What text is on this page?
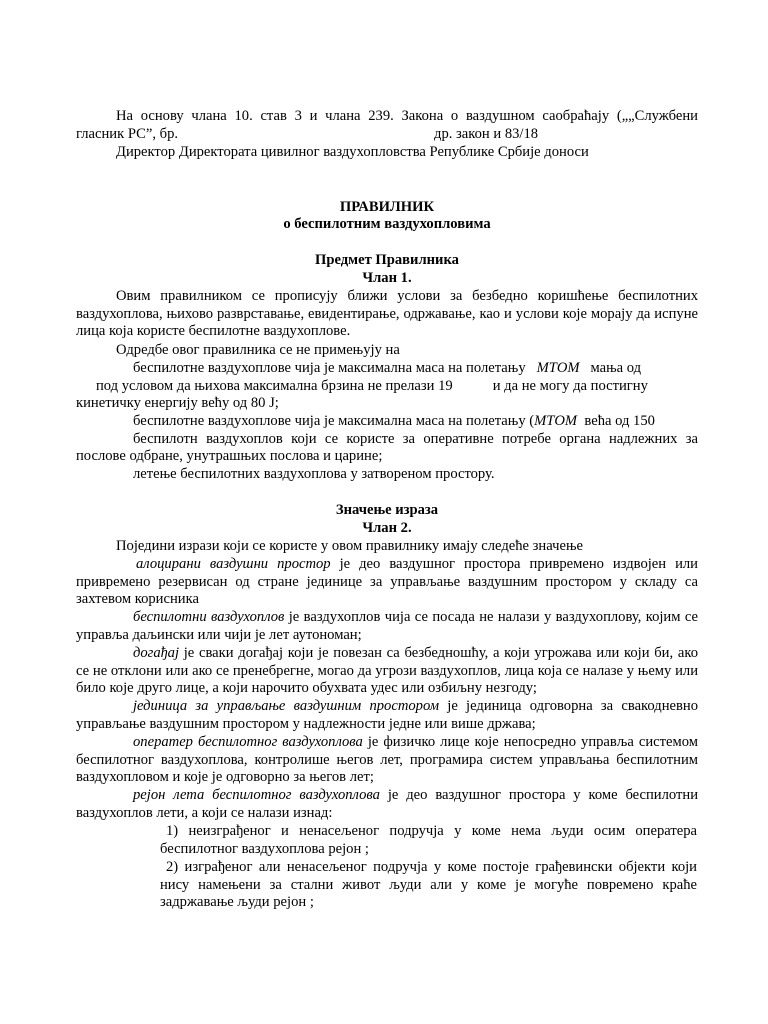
На основу члана 10. став 3 и члана 239. Закона о ваздушном саобраћају („„Службени

гласник РС”, бр.	др. закон и 83/18

Директор Директората цивилног ваздухопловства Републике Србије доноси

ПРАВИЛНИК

о беспилотним ваздухопловима

Предмет Правилника

Члан 1.

Овим правилником се прописују ближи услови за безбедно коришћење беспилотних ваздухоплова, њихово разврставање, евидентирање, одржавање, као и услови које морају да испуне лица која користе беспилотне ваздухоплове.

Одредбе овог правилника се не примењују на

беспилотне ваздухоплове чија је максимална маса на полетању МТОМ мања од

под условом да њихова максимална брзина не прелази 19	и да не могу да постигну

кинетичку енергију већу од 80 J;

беспилотне ваздухоплове чија је максимална маса на полетању (МТОМ већа од 150

беспилотн ваздухоплов који се користе за оперативне потребе органа надлежних за

послове одбране, унутрашњих послова и царине;

летење беспилотних ваздухоплова у затвореном простору.

Значење израза

Члан 2.

Поједини изрази који се користе у овом правилнику имају следеће значење

алоцирани ваздушни простор је део ваздушног простора привремено издвојен или привремено резервисан од стране јединице за управљање ваздушним простором у складу са захтевом корисника

беспилотни ваздухоплов је ваздухоплов чија се посада не налази у ваздухоплову, којим се управља даљински или чији је лет аутономан;

догађај је сваки догађај који је повезан са безбедношћу, а који угрожава или који би, ако се не отклони или ако се пренебрегне, могао да угрози ваздухоплов, лица која се налазе у њему или било које друго лице, а који нарочито обухвата удес или озбиљну незгоду;

јединица за управљање ваздушним простором је јединица одговорна за свакодневно управљање ваздушним простором у надлежности једне или више држава;

оператер беспилотног ваздухоплова је физичко лице које непосредно управља системом беспилотног ваздухоплова, контролише његов лет, програмира систем управљања беспилотним ваздухопловом и које је одговорно за његов лет;

рејон лета беспилотног ваздухоплова је део ваздушног простора у коме беспилотни ваздухоплов лети, а који се налази изнад:

1) неизграђеног и ненасељеног подручја у коме нема људи осим оператера беспилотног ваздухоплова рејон ;

2) изграђеног али ненасељеног подручја у коме постоје грађевински објекти који нису намењени за стални живот људи али у коме је могуће повремено краће задржавање људи рејон ;
